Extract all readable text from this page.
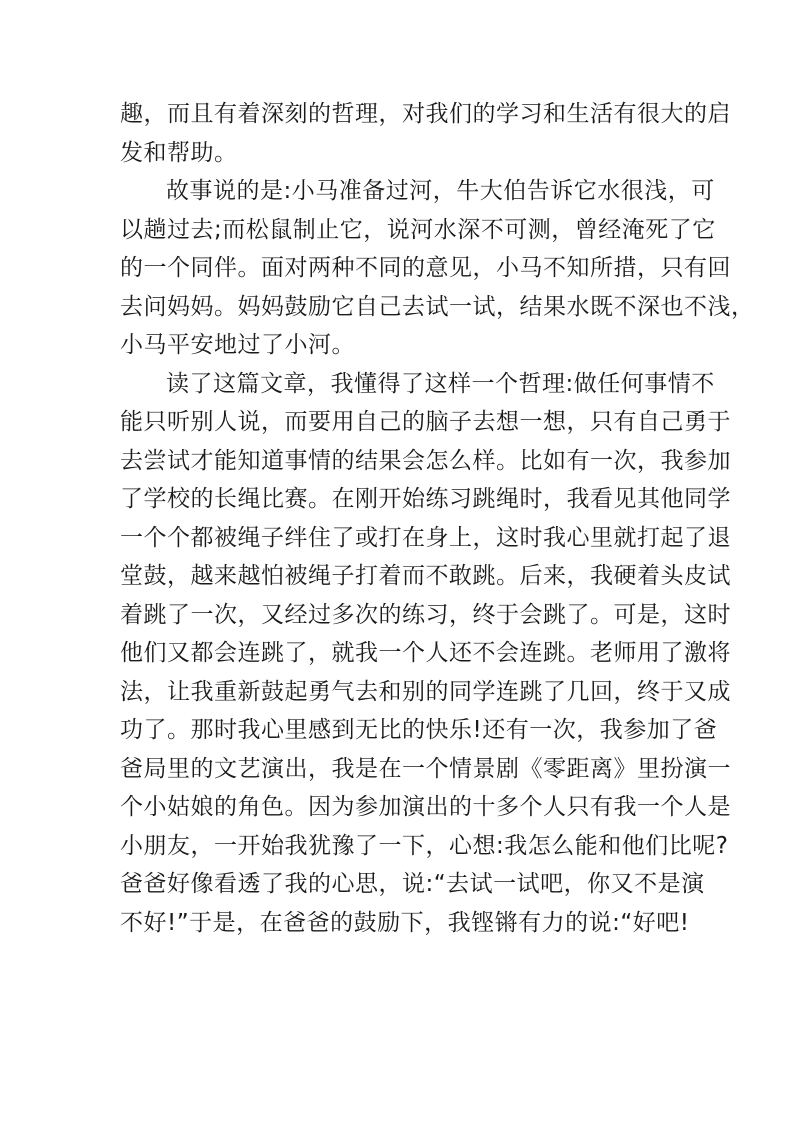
趣，而且有着深刻的哲理，对我们的学习和生活有很大的启
发和帮助。
故事说的是:小马准备过河，牛大伯告诉它水很浅，可
以趟过去;而松鼠制止它，说河水深不可测，曾经淹死了它
的一个同伴。面对两种不同的意见，小马不知所措，只有回
去问妈妈。妈妈鼓励它自己去试一试，结果水既不深也不浅，
小马平安地过了小河。
读了这篇文章，我懂得了这样一个哲理:做任何事情不
能只听别人说，而要用自己的脑子去想一想，只有自己勇于
去尝试才能知道事情的结果会怎么样。比如有一次，我参加
了学校的长绳比赛。在刚开始练习跳绳时，我看见其他同学
一个个都被绳子绊住了或打在身上，这时我心里就打起了退
堂鼓，越来越怕被绳子打着而不敢跳。后来，我硬着头皮试
着跳了一次，又经过多次的练习，终于会跳了。可是，这时
他们又都会连跳了，就我一个人还不会连跳。老师用了激将
法，让我重新鼓起勇气去和别的同学连跳了几回，终于又成
功了。那时我心里感到无比的快乐!还有一次，我参加了爸
爸局里的文艺演出，我是在一个情景剧《零距离》里扮演一
个小姑娘的角色。因为参加演出的十多个人只有我一个人是
小朋友，一开始我犹豫了一下，心想:我怎么能和他们比呢?
爸爸好像看透了我的心思，说:“去试一试吧，你又不是演
不好!”于是，在爸爸的鼓励下，我铿锵有力的说:“好吧!
